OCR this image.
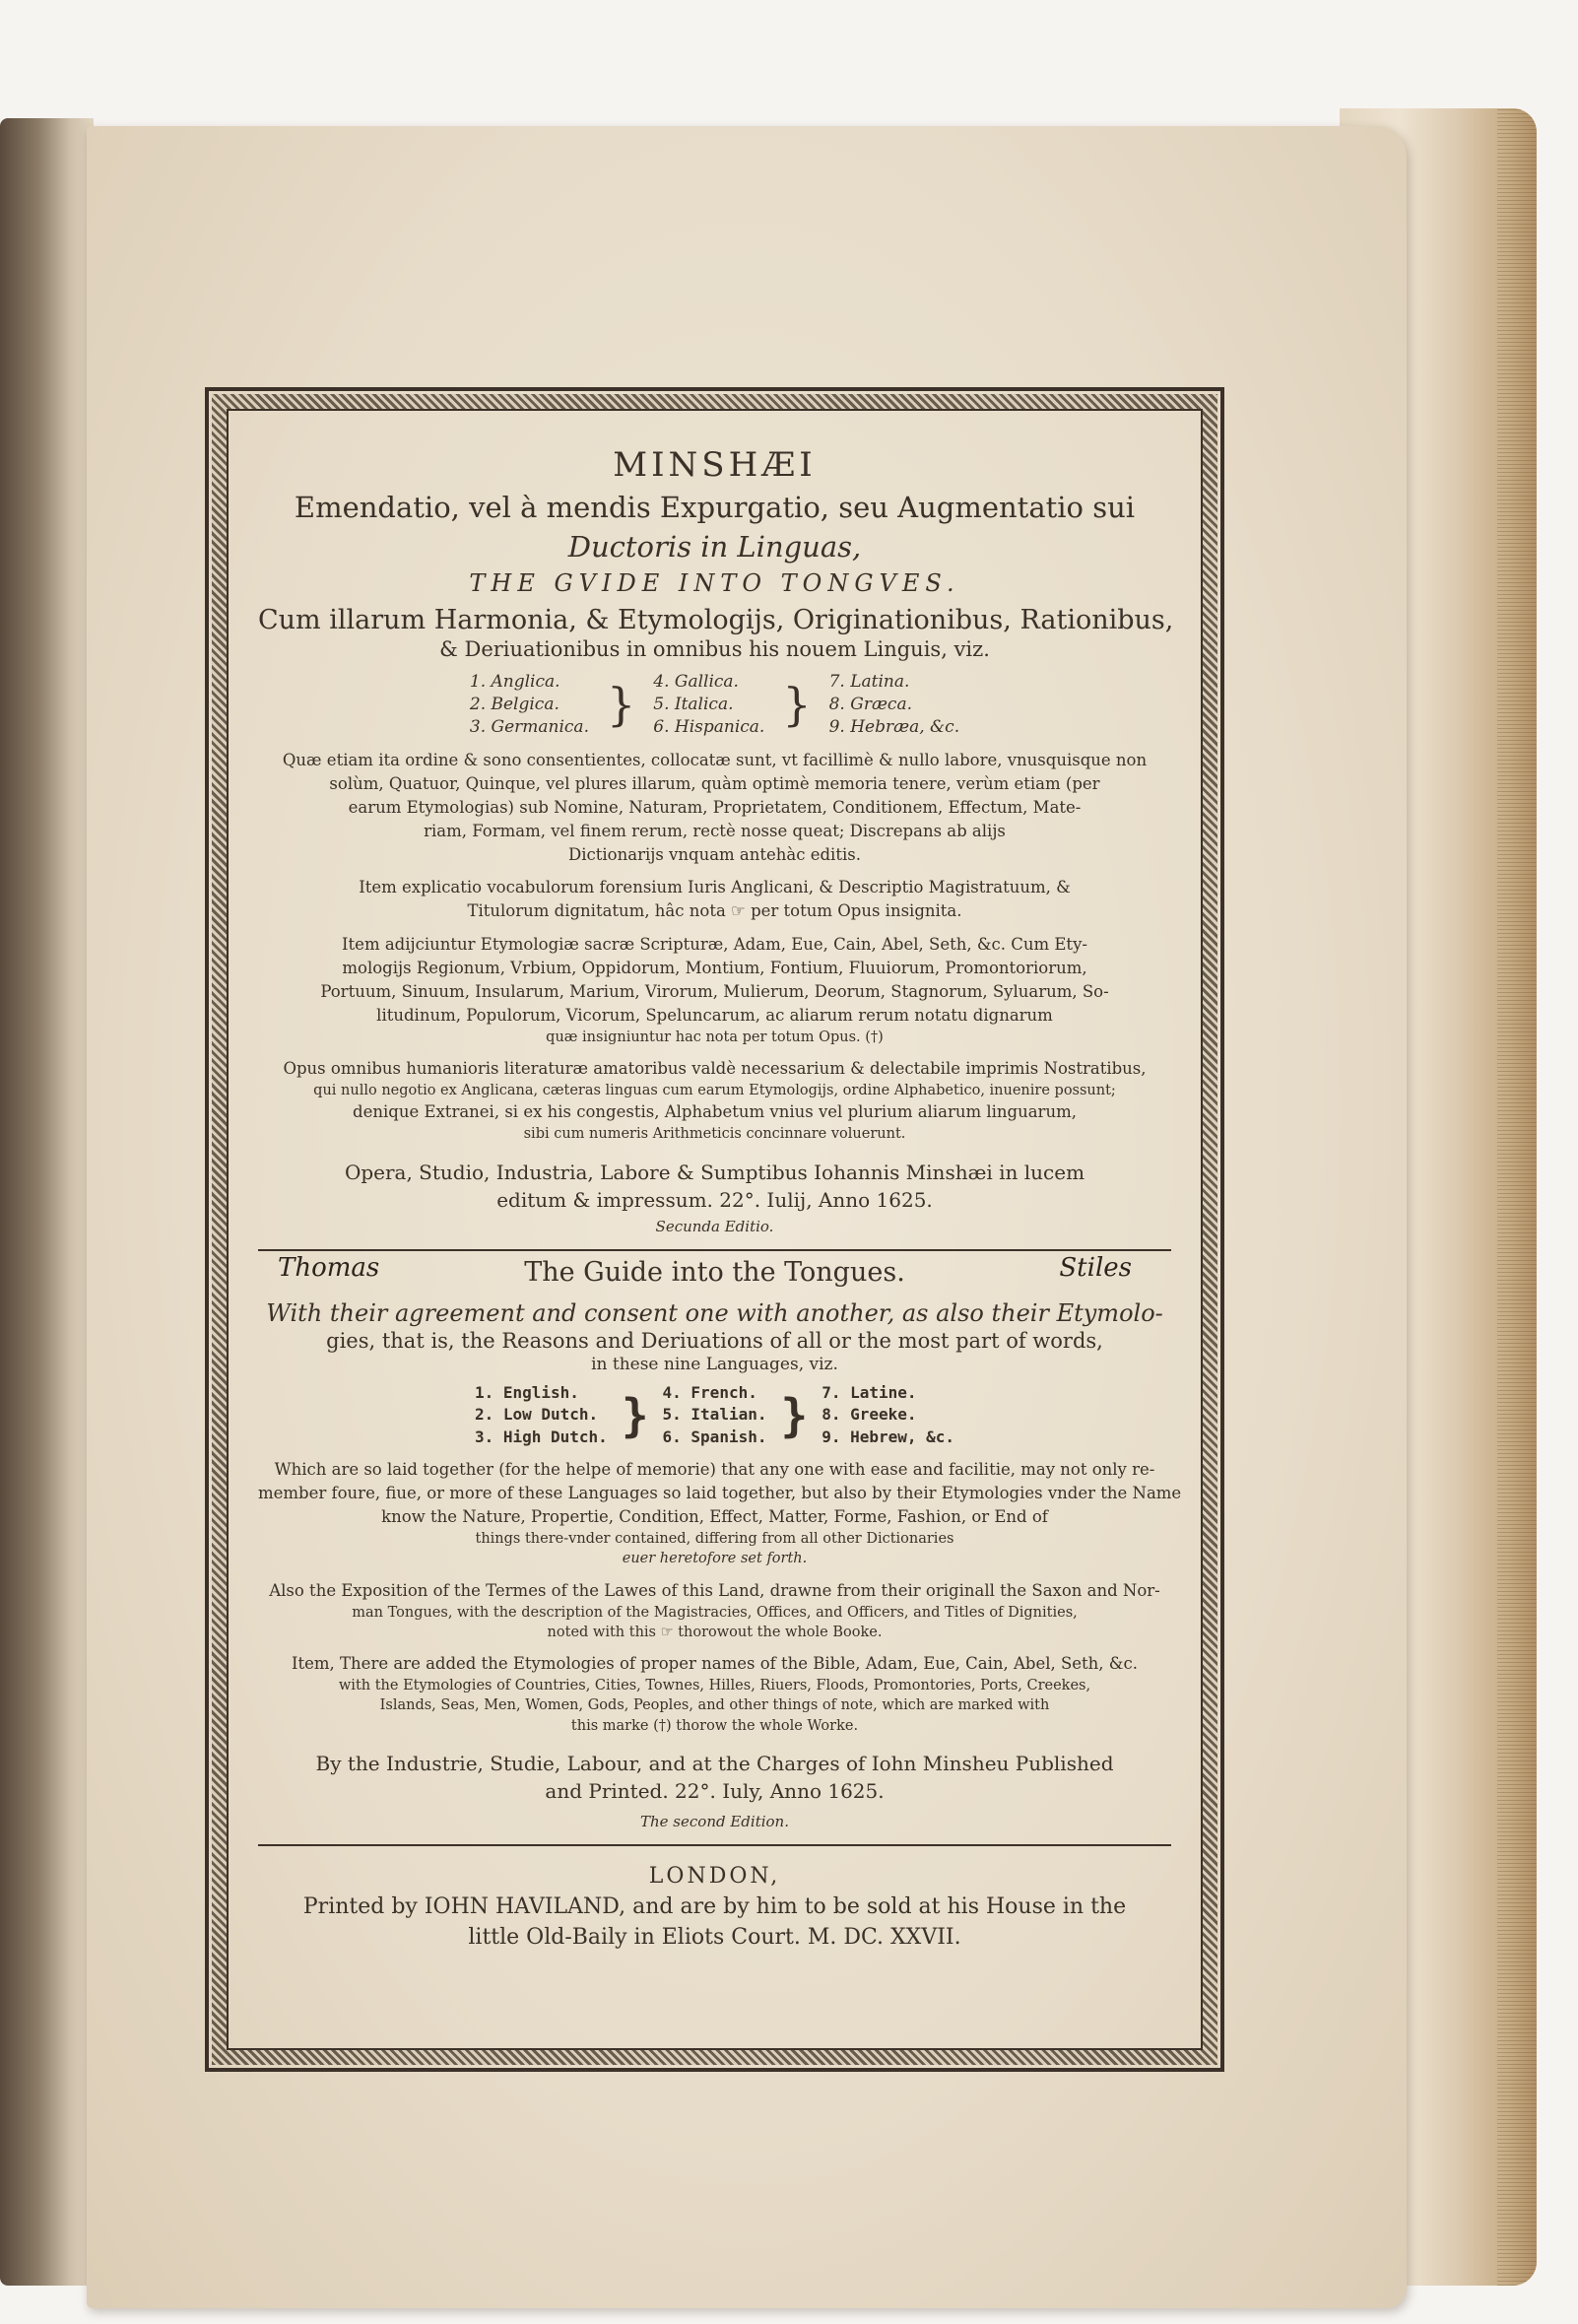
MINSHÆI
Emendatio, vel à mendis Expurgatio, seu Augmentatio sui
Ductoris in Linguas,
THE GVIDE INTO TONGVES.
Cum illarum Harmonia, & Etymologijs, Originationibus, Rationibus,
& Deriuationibus in omnibus his nouem Linguis, viz.
1. Anglica.
2. Belgica.
3. Germanica. } 4. Gallica.
5. Italica.
6. Hispanica. } 7. Latina.
8. Græca.
9. Hebræa, &c.
Quæ etiam ita ordine & sono consentientes, collocatæ sunt, vt facillimè & nullo labore, vnusquisque non
solùm, Quatuor, Quinque, vel plures illarum, quàm optimè memoria tenere, verùm etiam (per
earum Etymologias) sub Nomine, Naturam, Proprietatem, Conditionem, Effectum, Mate-
riam, Formam, vel finem rerum, rectè nosse queat; Discrepans ab alijs
Dictionarijs vnquam antehàc editis.
Item explicatio vocabulorum forensium Iuris Anglicani, & Descriptio Magistratuum, &
Titulorum dignitatum, hâc nota ☞ per totum Opus insignita.
Item adijciuntur Etymologiæ sacræ Scripturæ, Adam, Eue, Cain, Abel, Seth, &c. Cum Ety-
mologijs Regionum, Vrbium, Oppidorum, Montium, Fontium, Fluuiorum, Promontoriorum,
Portuum, Sinuum, Insularum, Marium, Virorum, Mulierum, Deorum, Stagnorum, Syluarum, So-
litudinum, Populorum, Vicorum, Speluncarum, ac aliarum rerum notatu dignarum
quæ insigniuntur hac nota per totum Opus. (†)
Opus omnibus humanioris literaturæ amatoribus valdè necessarium & delectabile imprimis Nostratibus,
qui nullo negotio ex Anglicana, cæteras linguas cum earum Etymologijs, ordine Alphabetico, inuenire possunt;
denique Extranei, si ex his congestis, Alphabetum vnius vel plurium aliarum linguarum,
sibi cum numeris Arithmeticis concinnare voluerunt.
Opera, Studio, Industria, Labore & Sumptibus Iohannis Minshæi in lucem
editum & impressum. 22°. Iulij, Anno 1625.
Secunda Editio.
Thomas	The Guide into the Tongues.	Stiles
With their agreement and consent one with another, as also their Etymolo-
gies, that is, the Reasons and Deriuations of all or the most part of words,
in these nine Languages, viz.
1. English.
2. Low Dutch.
3. High Dutch. } 4. French.
5. Italian.
6. Spanish. } 7. Latine.
8. Greeke.
9. Hebrew, &c.
Which are so laid together (for the helpe of memorie) that any one with ease and facilitie, may not only re-
member foure, fiue, or more of these Languages so laid together, but also by their Etymologies vnder the Name
know the Nature, Propertie, Condition, Effect, Matter, Forme, Fashion, or End of
things there-vnder contained, differing from all other Dictionaries
euer heretofore set forth.
Also the Exposition of the Termes of the Lawes of this Land, drawne from their originall the Saxon and Nor-
man Tongues, with the description of the Magistracies, Offices, and Officers, and Titles of Dignities,
noted with this ☞ thorowout the whole Booke.
Item, There are added the Etymologies of proper names of the Bible, Adam, Eue, Cain, Abel, Seth, &c.
with the Etymologies of Countries, Cities, Townes, Hilles, Riuers, Floods, Promontories, Ports, Creekes,
Islands, Seas, Men, Women, Gods, Peoples, and other things of note, which are marked with
this marke (†) thorow the whole Worke.
By the Industrie, Studie, Labour, and at the Charges of Iohn Minsheu Published
and Printed. 22°. Iuly, Anno 1625.
The second Edition.
LONDON,
Printed by IOHN HAVILAND, and are by him to be sold at his House in the
little Old-Baily in Eliots Court. M. DC. XXVII.
